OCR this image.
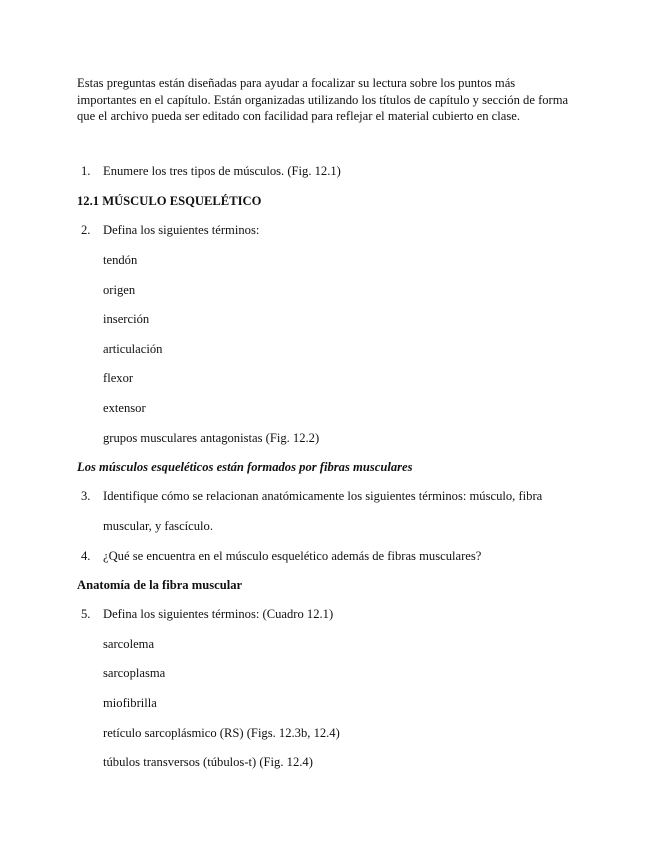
Estas preguntas están diseñadas para ayudar a focalizar su lectura sobre los puntos más importantes en el capítulo. Están organizadas utilizando los títulos de capítulo y sección de forma que el archivo pueda ser editado con facilidad para reflejar el material cubierto en clase.

1. Enumere los tres tipos de músculos. (Fig. 12.1)
12.1 MÚSCULO ESQUELÉTICO
2. Defina los siguientes términos:
tendón
origen
inserción
articulación
flexor
extensor
grupos musculares antagonistas (Fig. 12.2)
Los músculos esqueléticos están formados por fibras musculares
3. Identifique cómo se relacionan anatómicamente los siguientes términos: músculo, fibra
muscular, y fascículo.
4. ¿Qué se encuentra en el músculo esquelético además de fibras musculares?
Anatomía de la fibra muscular
5. Defina los siguientes términos: (Cuadro 12.1)
sarcolema
sarcoplasma
miofibrilla
retículo sarcoplásmico (RS) (Figs. 12.3b, 12.4)
túbulos transversos (túbulos-t) (Fig. 12.4)
